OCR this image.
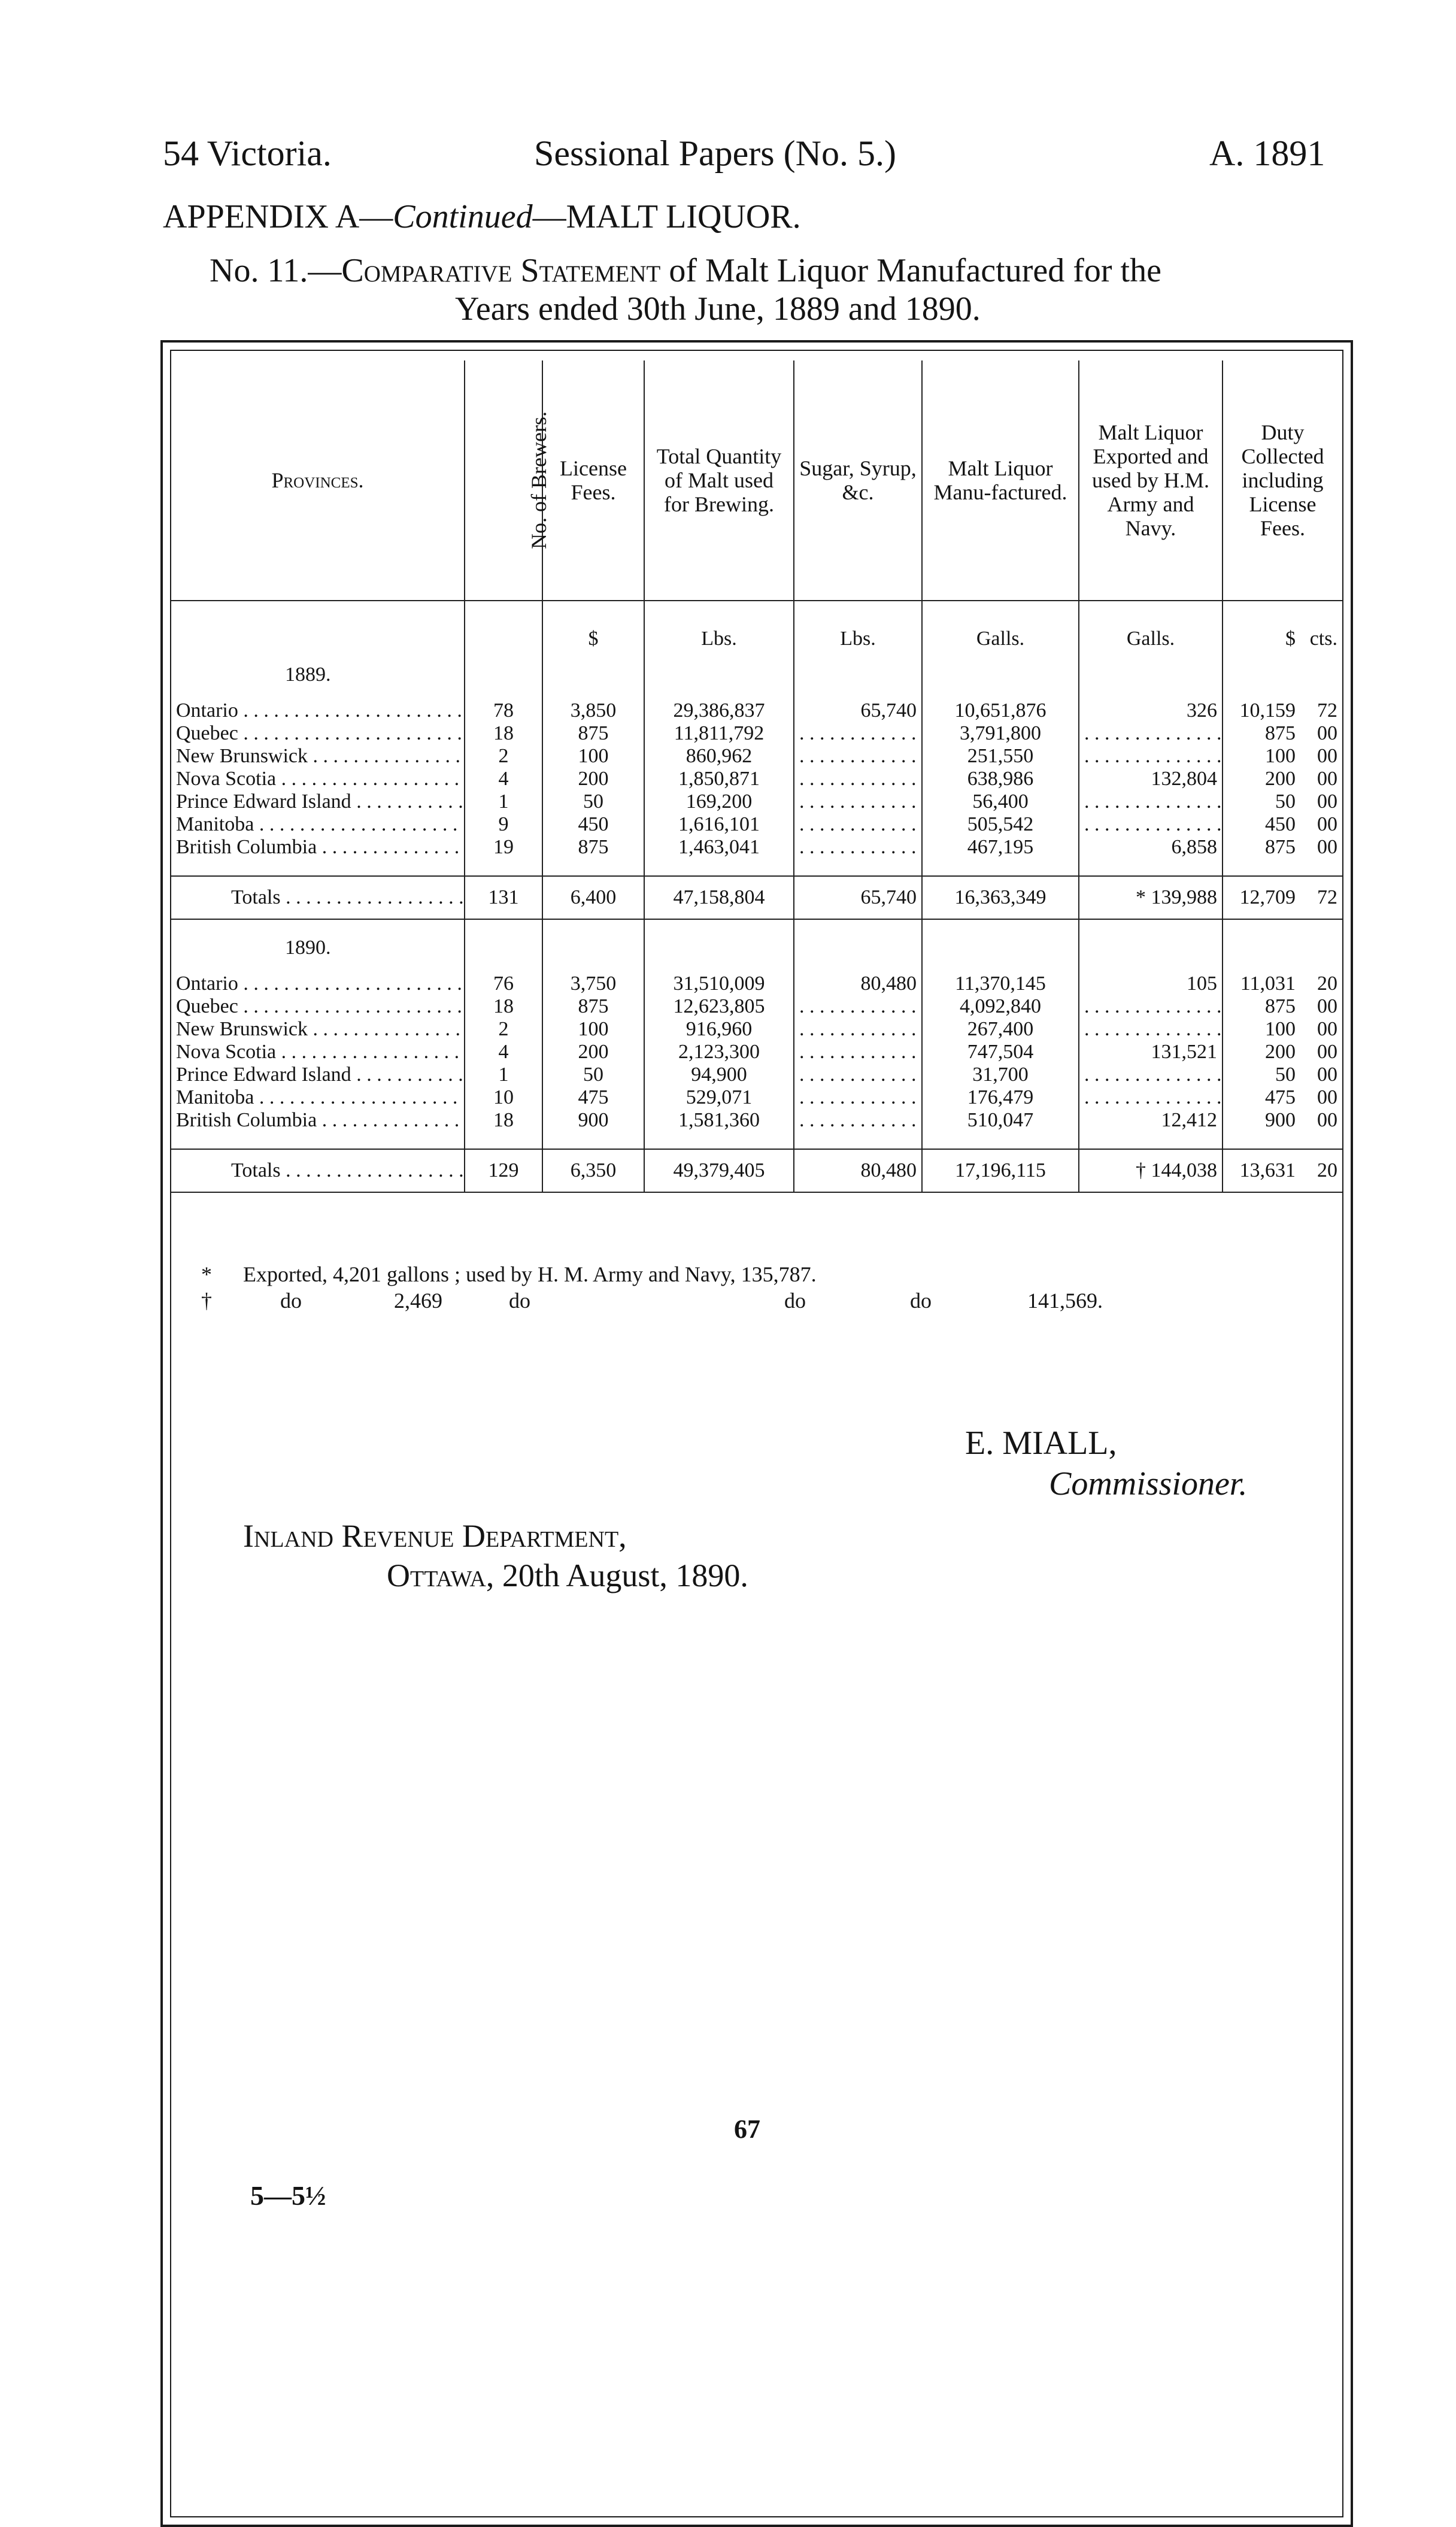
54 Victoria.	Sessional Papers (No. 5.)	A. 1891
APPENDIX A—Continued—MALT LIQUOR.
No. 11.—Comparative Statement of Malt Liquor Manufactured for the
Years ended 30th June, 1889 and 1890.
Provinces.	No. of Brewers.	License Fees.	Total Quantity of Malt used for Brewing.	Sugar, Syrup, &c.	Malt Liquor Manu-factured.	Malt Liquor Exported and used by H.M. Army and Navy.	Duty Collected including License Fees.	
		$	Lbs.	Lbs.	Galls.	Galls.	$	cts.
1889.								
Ontario . . .	78	3,850	29,386,837	65,740	10,651,876	326	10,159	72
Quebec . . .	18	875	11,811,792	. . .	3,791,800	. . .	875	00
New Brunswick . . .	2	100	860,962	. . .	251,550	. . .	100	00
Nova Scotia . . .	4	200	1,850,871	. . .	638,986	132,804	200	00
Prince Edward Island . . .	1	50	169,200	. . .	56,400	. . .	50	00
Manitoba . . .	9	450	1,616,101	. . .	505,542	. . .	450	00
British Columbia . . .	19	875	1,463,041	. . .	467,195	6,858	875	00

Totals . . .	131	6,400	47,158,804	65,740	16,363,349	* 139,988	12,709	72

1890.								
Ontario . . .	76	3,750	31,510,009	80,480	11,370,145	105	11,031	20
Quebec . . .	18	875	12,623,805	. . .	4,092,840	. . .	875	00
New Brunswick . . .	2	100	916,960	. . .	267,400	. . .	100	00
Nova Scotia . . .	4	200	2,123,300	. . .	747,504	131,521	200	00
Prince Edward Island . . .	1	50	94,900	. . .	31,700	. . .	50	00
Manitoba . . .	10	475	529,071	. . .	176,479	. . .	475	00
British Columbia . . .	18	900	1,581,360	. . .	510,047	12,412	900	00

Totals . . .	129	6,350	49,379,405	80,480	17,196,115	† 144,038	13,631	20
* Exported, 4,201 gallons ; used by H. M. Army and Navy, 135,787.
†	do	2,469	do	do	do	141,569.
E. MIALL,
Commissioner.
Inland Revenue Department,
Ottawa, 20th August, 1890.
67
5—5½
